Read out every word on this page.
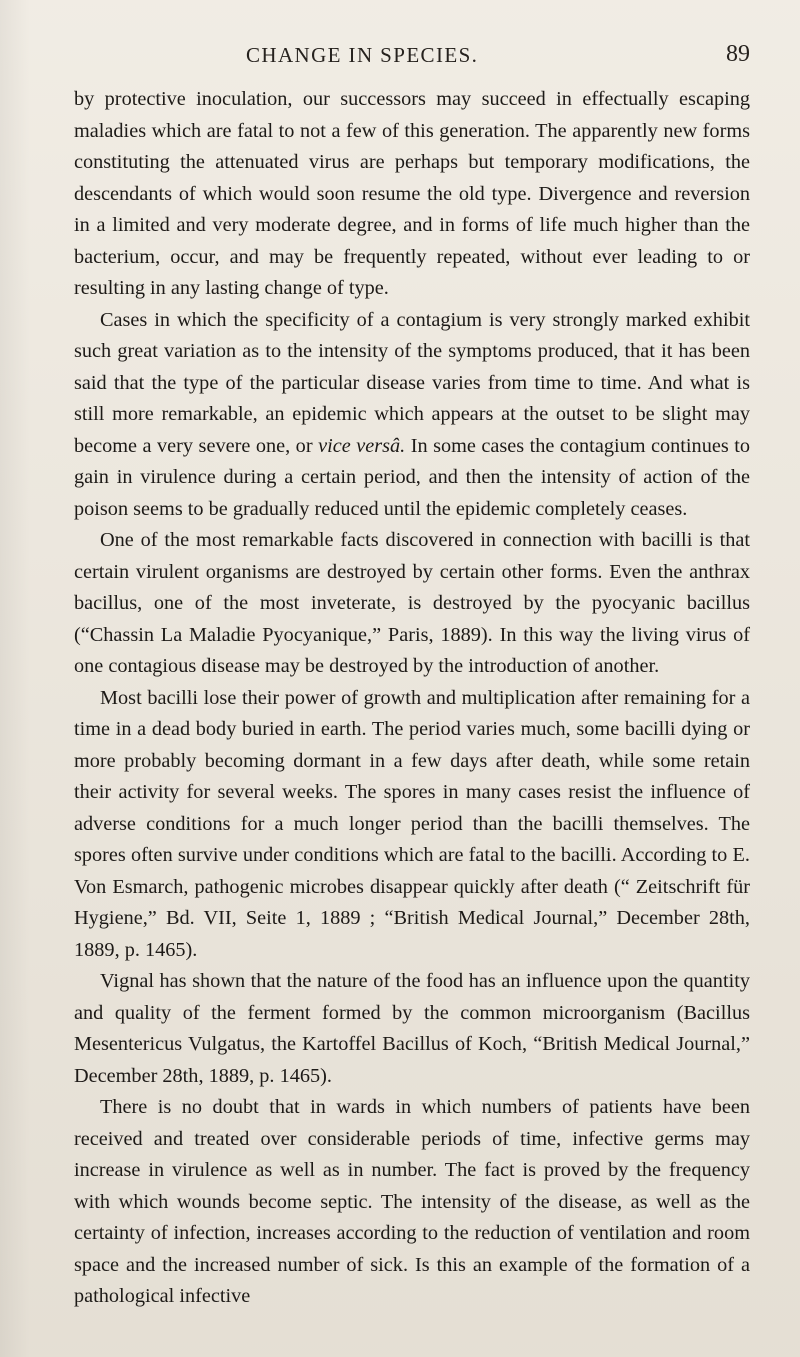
CHANGE IN SPECIES.	89

by protective inoculation, our successors may succeed in effectually escaping maladies which are fatal to not a few of this generation. The apparently new forms constituting the attenuated virus are perhaps but temporary modifications, the descendants of which would soon resume the old type. Divergence and reversion in a limited and very moderate degree, and in forms of life much higher than the bacterium, occur, and may be frequently repeated, without ever leading to or resulting in any lasting change of type.

Cases in which the specificity of a contagium is very strongly marked exhibit such great variation as to the intensity of the symptoms produced, that it has been said that the type of the particular disease varies from time to time. And what is still more remarkable, an epidemic which appears at the outset to be slight may become a very severe one, or vice versâ. In some cases the contagium continues to gain in virulence during a certain period, and then the intensity of action of the poison seems to be gradually reduced until the epidemic completely ceases.

One of the most remarkable facts discovered in connection with bacilli is that certain virulent organisms are destroyed by certain other forms. Even the anthrax bacillus, one of the most inveterate, is destroyed by the pyocyanic bacillus (“Chassin La Maladie Pyocyanique,” Paris, 1889). In this way the living virus of one contagious disease may be destroyed by the introduction of another.

Most bacilli lose their power of growth and multiplication after remaining for a time in a dead body buried in earth. The period varies much, some bacilli dying or more probably becoming dormant in a few days after death, while some retain their activity for several weeks. The spores in many cases resist the influence of adverse conditions for a much longer period than the bacilli themselves. The spores often survive under conditions which are fatal to the bacilli. According to E. Von Esmarch, pathogenic microbes disappear quickly after death (“ Zeitschrift für Hygiene,” Bd. VII, Seite 1, 1889 ; “British Medical Journal,” December 28th, 1889, p. 1465).

Vignal has shown that the nature of the food has an influence upon the quantity and quality of the ferment formed by the common microorganism (Bacillus Mesentericus Vulgatus, the Kartoffel Bacillus of Koch, “British Medical Journal,” December 28th, 1889, p. 1465).

There is no doubt that in wards in which numbers of patients have been received and treated over considerable periods of time, infective germs may increase in virulence as well as in number. The fact is proved by the frequency with which wounds become septic. The intensity of the disease, as well as the certainty of infection, increases according to the reduction of ventilation and room space and the increased number of sick. Is this an example of the formation of a pathological infective
